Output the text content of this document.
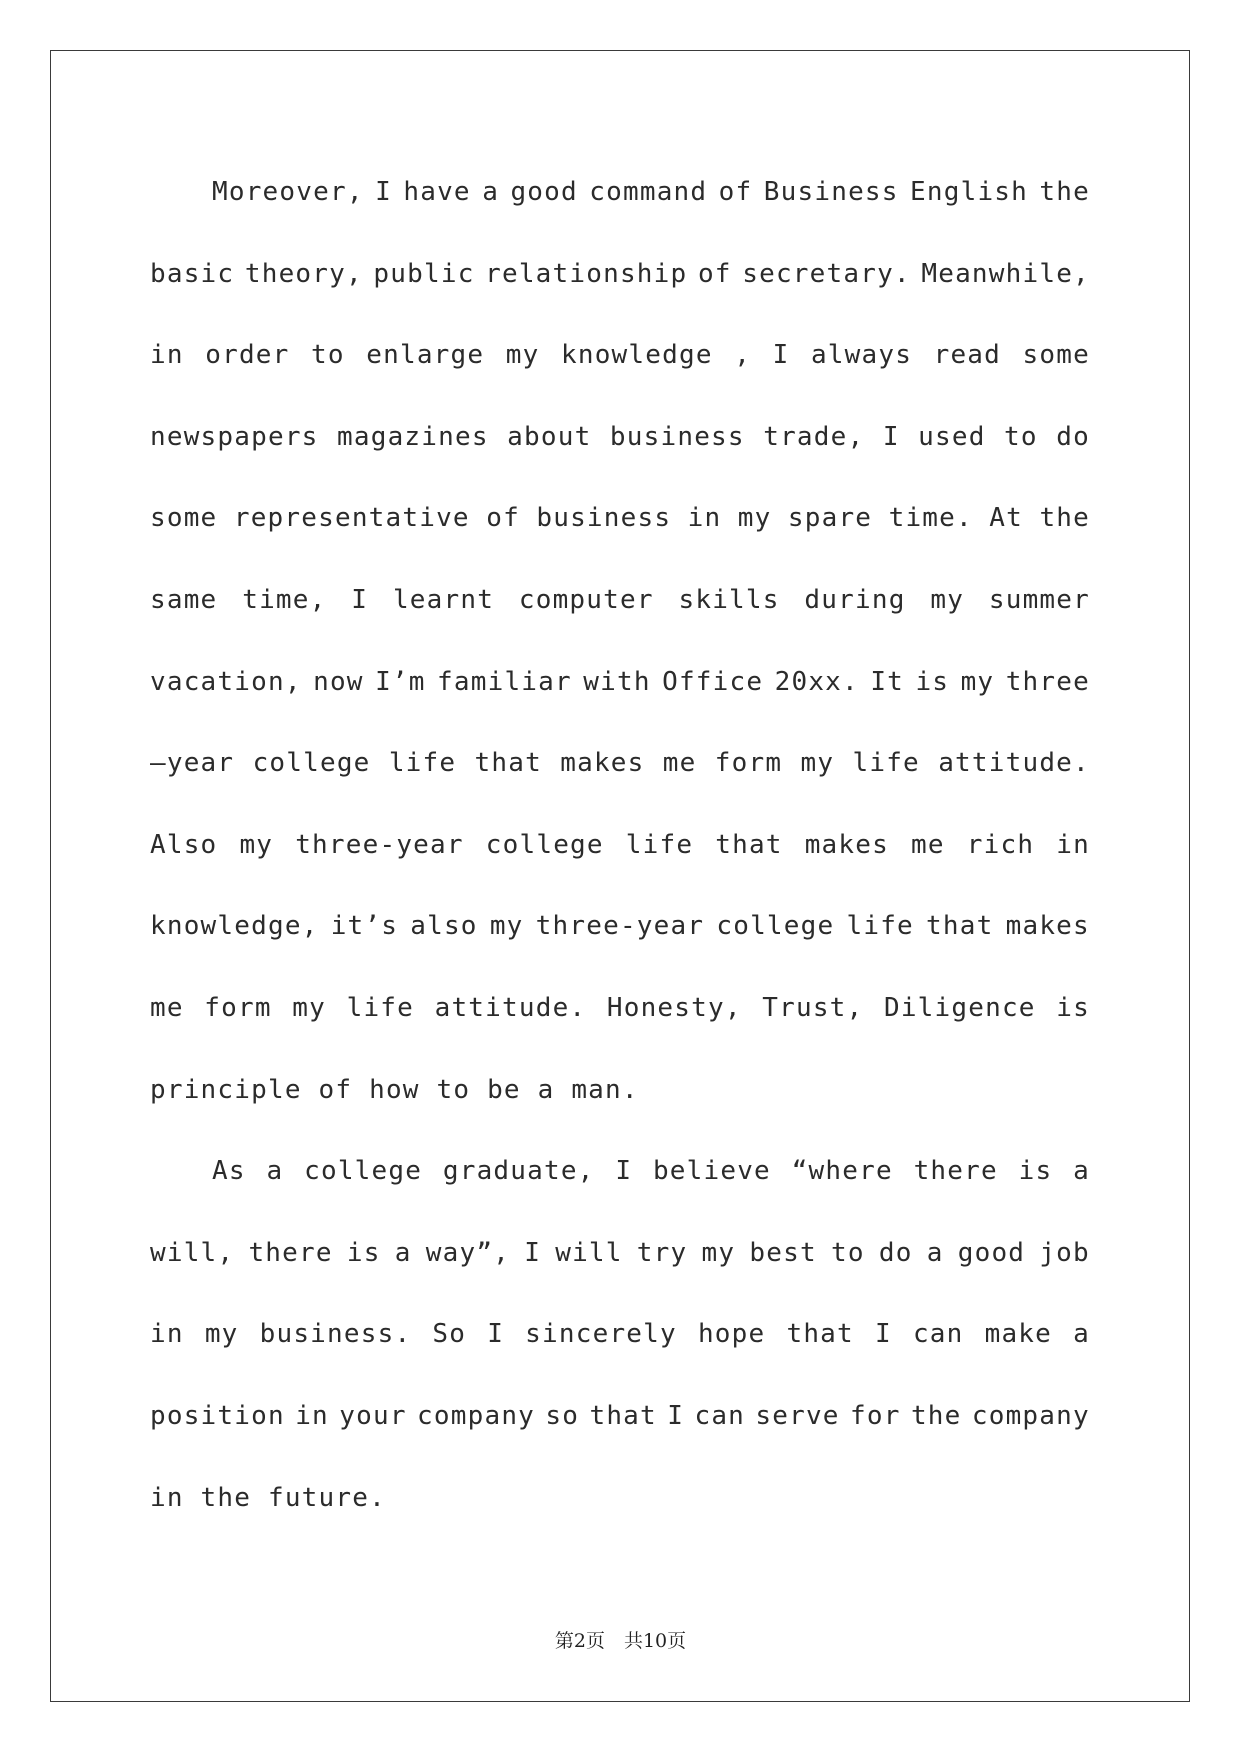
Moreover, I have a good command of Business English the
basic theory, public relationship of secretary. Meanwhile,
in order to enlarge my knowledge , I always read some
newspapers magazines about business trade, I used to do
some representative of business in my spare time. At the
same time, I learnt computer skills during my summer
vacation, now I’m familiar with Office 20xx. It is my three
–year college life that makes me form my life attitude.
Also my three-year college life that makes me rich in
knowledge, it’s also my three-year college life that makes
me form my life attitude. Honesty, Trust, Diligence is
principle of how to be a man.
As a college graduate, I believe “where there is a
will, there is a way”, I will try my best to do a good job
in my business. So I sincerely hope that I can make a
position in your company so that I can serve for the company
in the future.
第2页　共10页
